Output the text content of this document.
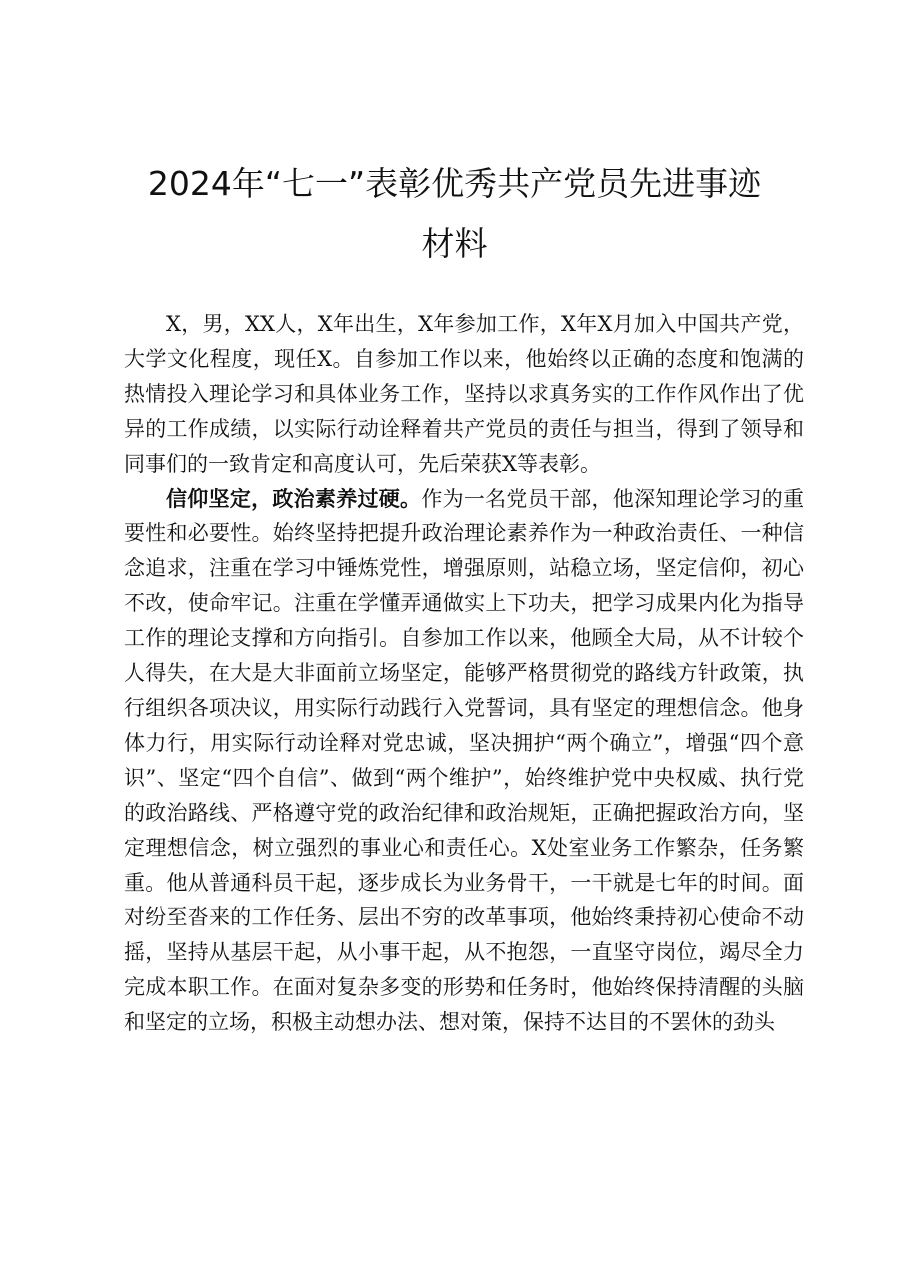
2024年“七一”表彰优秀共产党员先进事迹
材料

X，男，XX人，X年出生，X年参加工作，X年X月加入中国共产党，大学文化程度，现任X。自参加工作以来，他始终以正确的态度和饱满的热情投入理论学习和具体业务工作，坚持以求真务实的工作作风作出了优异的工作成绩，以实际行动诠释着共产党员的责任与担当，得到了领导和同事们的一致肯定和高度认可，先后荣获X等表彰。

信仰坚定，政治素养过硬。作为一名党员干部，他深知理论学习的重要性和必要性。始终坚持把提升政治理论素养作为一种政治责任、一种信念追求，注重在学习中锤炼党性，增强原则，站稳立场，坚定信仰，初心不改，使命牢记。注重在学懂弄通做实上下功夫，把学习成果内化为指导工作的理论支撑和方向指引。自参加工作以来，他顾全大局，从不计较个人得失，在大是大非面前立场坚定，能够严格贯彻党的路线方针政策，执行组织各项决议，用实际行动践行入党誓词，具有坚定的理想信念。他身体力行，用实际行动诠释对党忠诚，坚决拥护“两个确立”，增强“四个意识”、坚定“四个自信”、做到“两个维护”，始终维护党中央权威、执行党的政治路线、严格遵守党的政治纪律和政治规矩，正确把握政治方向，坚定理想信念，树立强烈的事业心和责任心。X处室业务工作繁杂，任务繁重。他从普通科员干起，逐步成长为业务骨干，一干就是七年的时间。面对纷至沓来的工作任务、层出不穷的改革事项，他始终秉持初心使命不动摇，坚持从基层干起，从小事干起，从不抱怨，一直坚守岗位，竭尽全力完成本职工作。在面对复杂多变的形势和任务时，他始终保持清醒的头脑和坚定的立场，积极主动想办法、想对策，保持不达目的不罢休的劲头
